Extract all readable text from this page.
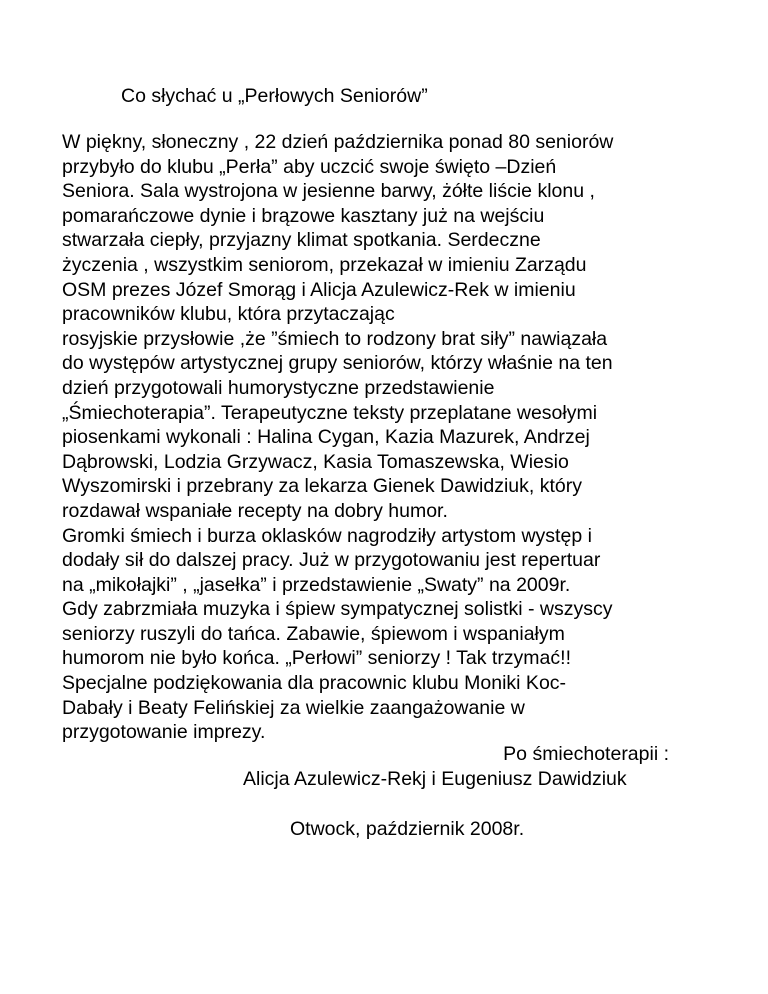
Co słychać u „Perłowych Seniorów”

W piękny, słoneczny , 22 dzień października ponad 80 seniorów
przybyło do klubu „Perła” aby uczcić swoje święto –Dzień
Seniora. Sala wystrojona w jesienne barwy, żółte liście klonu ,
pomarańczowe dynie i brązowe kasztany już na wejściu
stwarzała ciepły, przyjazny klimat spotkania. Serdeczne
życzenia , wszystkim seniorom, przekazał w imieniu Zarządu
OSM prezes Józef Smorąg i Alicja Azulewicz-Rek w imieniu
pracowników klubu, która przytaczając
rosyjskie przysłowie ,że ”śmiech to rodzony brat siły” nawiązała
do występów artystycznej grupy seniorów, którzy właśnie na ten
dzień przygotowali humorystyczne przedstawienie
„Śmiechoterapia”. Terapeutyczne teksty przeplatane wesołymi
piosenkami wykonali : Halina Cygan, Kazia Mazurek, Andrzej
Dąbrowski, Lodzia Grzywacz, Kasia Tomaszewska, Wiesio
Wyszomirski i przebrany za lekarza Gienek Dawidziuk, który
rozdawał wspaniałe recepty na dobry humor.
Gromki śmiech i burza oklasków nagrodziły artystom występ i
dodały sił do dalszej pracy. Już w przygotowaniu jest repertuar
na „mikołajki” , „jasełka” i przedstawienie „Swaty” na 2009r.
Gdy zabrzmiała muzyka i śpiew sympatycznej solistki - wszyscy
seniorzy ruszyli do tańca. Zabawie, śpiewom i wspaniałym
humorom nie było końca. „Perłowi” seniorzy ! Tak trzymać!!
Specjalne podziękowania dla pracownic klubu Moniki Koc-
Dabały i Beaty Felińskiej za wielkie zaangażowanie w
przygotowanie imprezy.

Po śmiechoterapii :
Alicja Azulewicz-Rekj i Eugeniusz Dawidziuk
Otwock, październik 2008r.
